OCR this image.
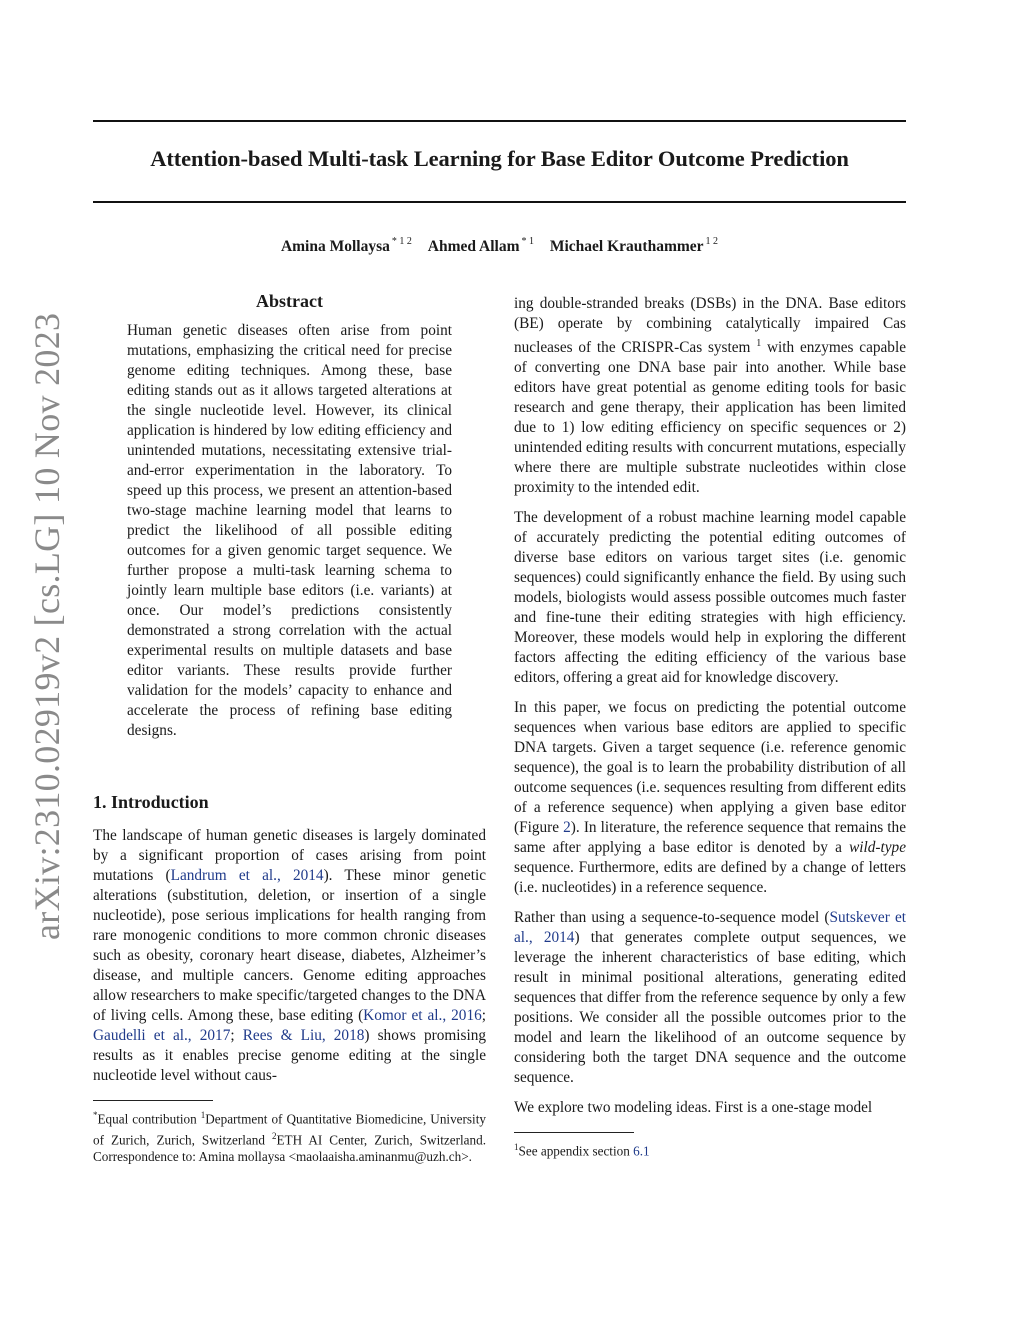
arXiv:2310.02919v2 [cs.LG] 10 Nov 2023
Attention-based Multi-task Learning for Base Editor Outcome Prediction
Amina Mollaysa $^{* 1 2}$ Ahmed Allam $^{* 1}$ Michael Krauthammer $^{1 2}$
Abstract

Human genetic diseases often arise from point mutations, emphasizing the critical need for precise genome editing techniques. Among these, base editing stands out as it allows targeted alterations at the single nucleotide level. However, its clinical application is hindered by low editing efficiency and unintended mutations, necessitating extensive trial-and-error experimentation in the laboratory. To speed up this process, we present an attention-based two-stage machine learning model that learns to predict the likelihood of all possible editing outcomes for a given genomic target sequence. We further propose a multi-task learning schema to jointly learn multiple base editors (i.e. variants) at once. Our model’s predictions consistently demonstrated a strong correlation with the actual experimental results on multiple datasets and base editor variants. These results provide further validation for the models’ capacity to enhance and accelerate the process of refining base editing designs.

1. Introduction

The landscape of human genetic diseases is largely dominated by a significant proportion of cases arising from point mutations (Landrum et al., 2014). These minor genetic alterations (substitution, deletion, or insertion of a single nucleotide), pose serious implications for health ranging from rare monogenic conditions to more common chronic diseases such as obesity, coronary heart disease, diabetes, Alzheimer’s disease, and multiple cancers. Genome editing approaches allow researchers to make specific/targeted changes to the DNA of living cells. Among these, base editing (Komor et al., 2016; Gaudelli et al., 2017; Rees & Liu, 2018) shows promising results as it enables precise genome editing at the single nucleotide level without caus-

*Equal contribution $^1$Department of Quantitative Biomedicine, University of Zurich, Zurich, Switzerland $^2$ETH AI Center, Zurich, Switzerland. Correspondence to: Amina mollaysa <maolaaisha.aminanmu@uzh.ch>.

ing double-stranded breaks (DSBs) in the DNA. Base editors (BE) operate by combining catalytically impaired Cas nucleases of the CRISPR-Cas system $^1$ with enzymes capable of converting one DNA base pair into another. While base editors have great potential as genome editing tools for basic research and gene therapy, their application has been limited due to 1) low editing efficiency on specific sequences or 2) unintended editing results with concurrent mutations, especially where there are multiple substrate nucleotides within close proximity to the intended edit.

The development of a robust machine learning model capable of accurately predicting the potential editing outcomes of diverse base editors on various target sites (i.e. genomic sequences) could significantly enhance the field. By using such models, biologists would assess possible outcomes much faster and fine-tune their editing strategies with high efficiency. Moreover, these models would help in exploring the different factors affecting the editing efficiency of the various base editors, offering a great aid for knowledge discovery.

In this paper, we focus on predicting the potential outcome sequences when various base editors are applied to specific DNA targets. Given a target sequence (i.e. reference genomic sequence), the goal is to learn the probability distribution of all outcome sequences (i.e. sequences resulting from different edits of a reference sequence) when applying a given base editor (Figure 2). In literature, the reference sequence that remains the same after applying a base editor is denoted by a wild-type sequence. Furthermore, edits are defined by a change of letters (i.e. nucleotides) in a reference sequence.

Rather than using a sequence-to-sequence model (Sutskever et al., 2014) that generates complete output sequences, we leverage the inherent characteristics of base editing, which result in minimal positional alterations, generating edited sequences that differ from the reference sequence by only a few positions. We consider all the possible outcomes prior to the model and learn the likelihood of an outcome sequence by considering both the target DNA sequence and the outcome sequence.

We explore two modeling ideas. First is a one-stage model

$^1$See appendix section 6.1
